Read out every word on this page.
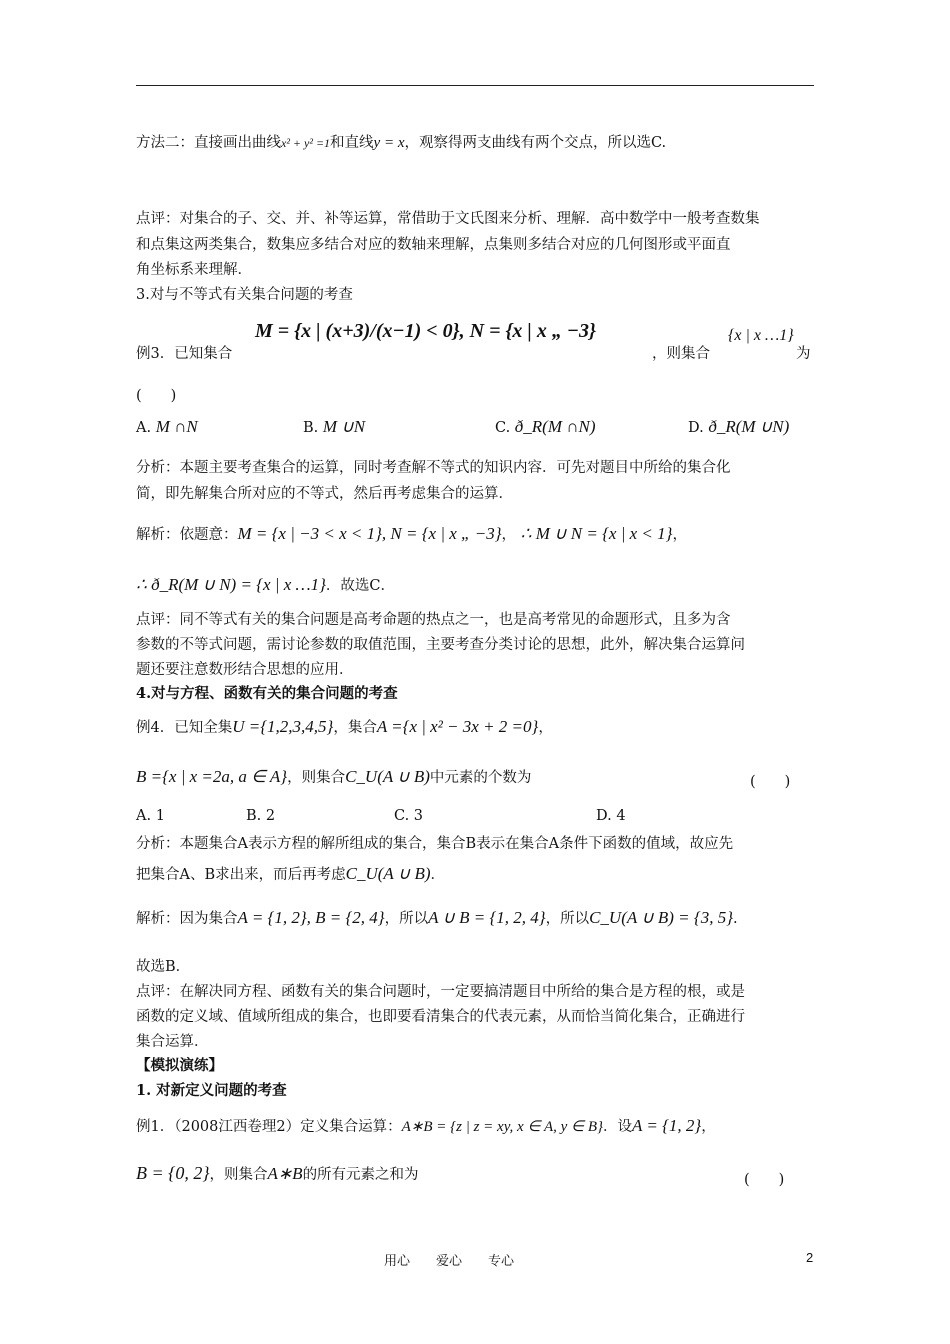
方法二：直接画出曲线x² + y² =1和直线y = x，观察得两支曲线有两个交点，所以选C.
点评：对集合的子、交、并、补等运算，常借助于文氏图来分析、理解．高中数学中一般考查数集
和点集这两类集合，数集应多结合对应的数轴来理解，点集则多结合对应的几何图形或平面直
角坐标系来理解．
3.对与不等式有关集合问题的考查
例3．已知集合
M = {x | (x+3)/(x−1) < 0}, N = {x | x „ −3}
，则集合
{x | x …1}
为
(　　)
A. M ∩N	B. M ∪N	C. ð_R(M ∩N)	D. ð_R(M ∪N)
分析：本题主要考查集合的运算，同时考查解不等式的知识内容．可先对题目中所给的集合化
简，即先解集合所对应的不等式，然后再考虑集合的运算．
解析：依题意：M = {x | −3 < x < 1}, N = {x | x „ −3}， ∴ M ∪ N = {x | x < 1}，
∴ ð_R(M ∪ N) = {x | x …1}．故选C．
点评：同不等式有关的集合问题是高考命题的热点之一，也是高考常见的命题形式，且多为含
参数的不等式问题，需讨论参数的取值范围，主要考查分类讨论的思想，此外，解决集合运算问
题还要注意数形结合思想的应用．
4.对与方程、函数有关的集合问题的考查
例4．已知全集U ={1,2,3,4,5}，集合A ={x | x² − 3x + 2 =0}，
B ={x | x =2a, a ∈ A}，则集合C_U(A ∪ B)中元素的个数为	(　　)
A. 1	B. 2	C. 3	D. 4
分析：本题集合A表示方程的解所组成的集合，集合B表示在集合A条件下函数的值域，故应先
把集合A、B求出来，而后再考虑C_U(A ∪ B)．
解析：因为集合A = {1, 2}, B = {2, 4}，所以A ∪ B = {1, 2, 4}，所以C_U(A ∪ B) = {3, 5}.
故选B．
点评：在解决同方程、函数有关的集合问题时，一定要搞清题目中所给的集合是方程的根，或是
函数的定义域、值域所组成的集合，也即要看清集合的代表元素，从而恰当简化集合，正确进行
集合运算．
【模拟演练】
1. 对新定义问题的考查
例1．（2008江西卷理2）定义集合运算：A∗B = {z | z = xy, x ∈ A, y ∈ B}．设A = {1, 2}，
B = {0, 2}，则集合A∗B的所有元素之和为	(　　)
用心　　爱心　　专心	2
